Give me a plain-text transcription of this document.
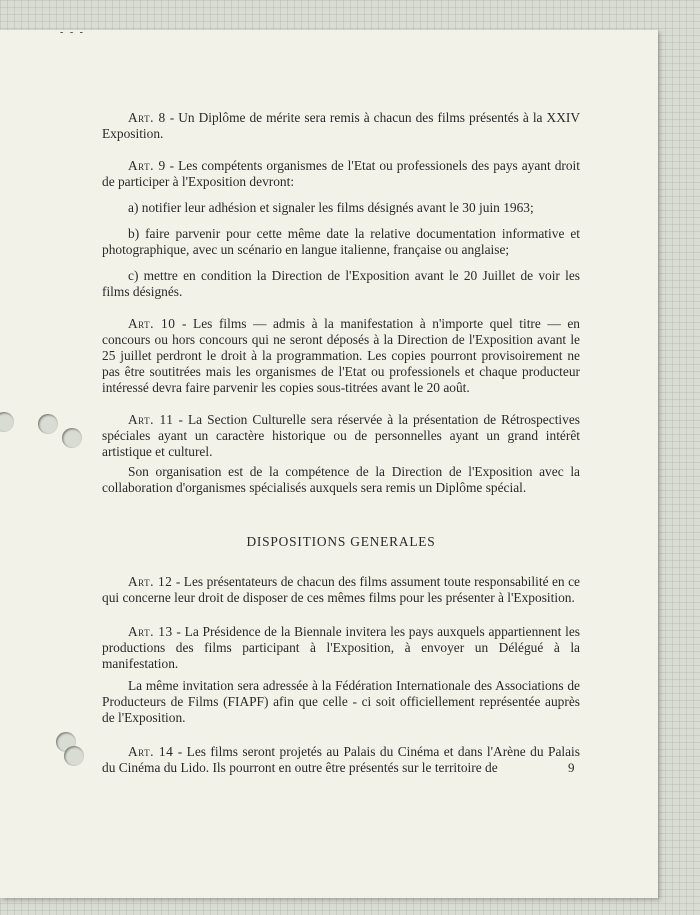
- - -

Art. 8 - Un Diplôme de mérite sera remis à chacun des films présentés à la XXIV Exposition.

Art. 9 - Les compétents organismes de l'Etat ou professionels des pays ayant droit de participer à l'Exposition devront:

a) notifier leur adhésion et signaler les films désignés avant le 30 juin 1963;

b) faire parvenir pour cette même date la relative documentation informative et photographique, avec un scénario en langue italienne, française ou anglaise;

c) mettre en condition la Direction de l'Exposition avant le 20 Juillet de voir les films désignés.

Art. 10 - Les films — admis à la manifestation à n'importe quel titre — en concours ou hors concours qui ne seront déposés à la Direction de l'Exposition avant le 25 juillet perdront le droit à la programmation. Les copies pourront provisoirement ne pas être soutitrées mais les organismes de l'Etat ou professionels et chaque producteur intéressé devra faire parvenir les copies sous-titrées avant le 20 août.

Art. 11 - La Section Culturelle sera réservée à la présentation de Rétrospectives spéciales ayant un caractère historique ou de personnelles ayant un grand intérêt artistique et culturel.

Son organisation est de la compétence de la Direction de l'Exposition avec la collaboration d'organismes spécialisés auxquels sera remis un Diplôme spécial.

DISPOSITIONS GENERALES

Art. 12 - Les présentateurs de chacun des films assument toute responsabilité en ce qui concerne leur droit de disposer de ces mêmes films pour les présenter à l'Exposition.

Art. 13 - La Présidence de la Biennale invitera les pays auxquels appartiennent les productions des films participant à l'Exposition, à envoyer un Délégué à la manifestation.

La même invitation sera adressée à la Fédération Internationale des Associations de Producteurs de Films (FIAPF) afin que celle - ci soit officiellement représentée auprès de l'Exposition.

Art. 14 - Les films seront projetés au Palais du Cinéma et dans l'Arène du Palais du Cinéma du Lido. Ils pourront en outre être présentés sur le territoire de	9
